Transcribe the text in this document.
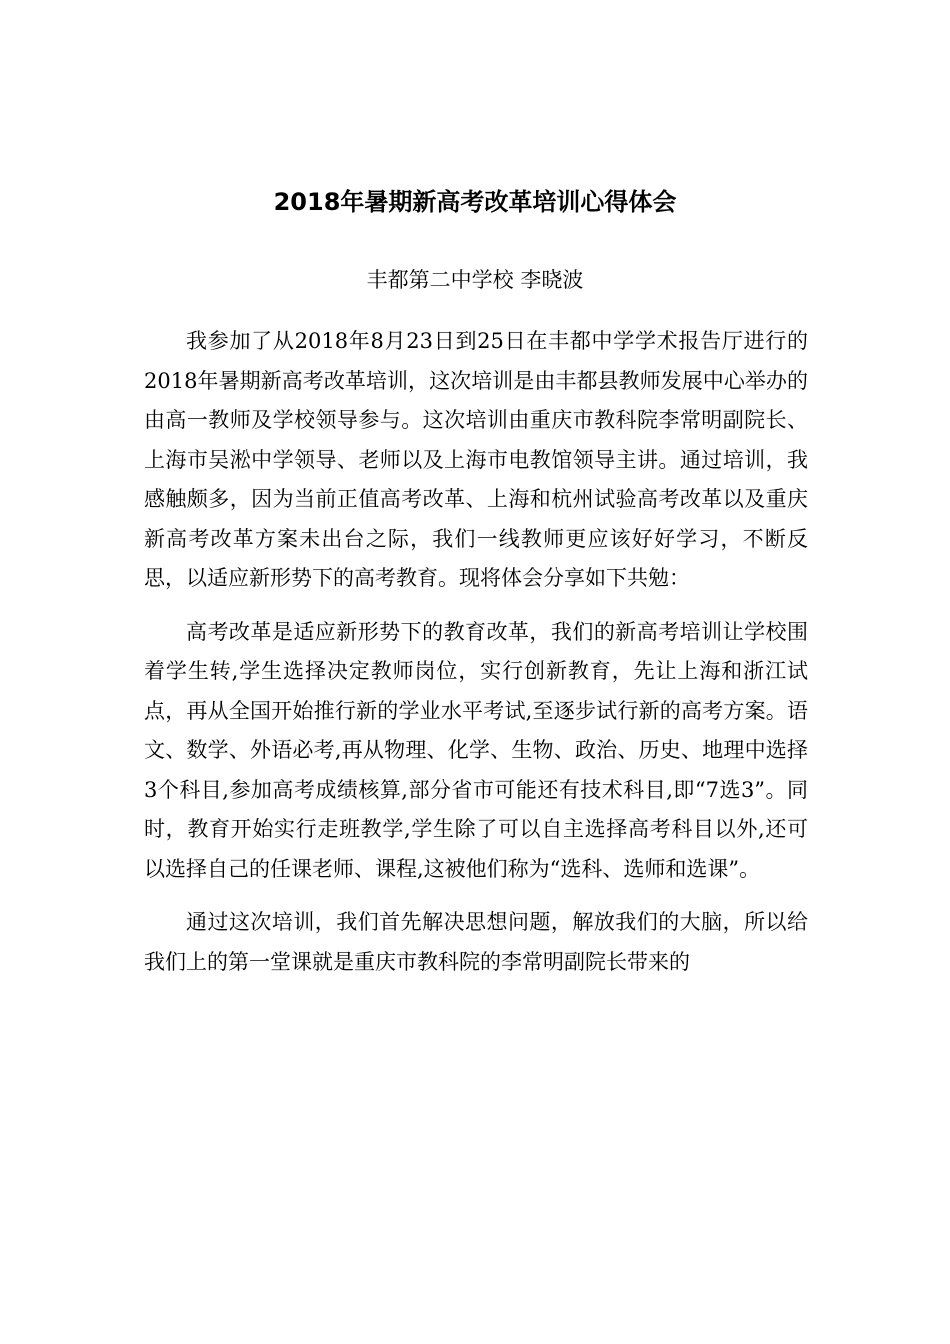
2018年暑期新高考改革培训心得体会
丰都第二中学校 李晓波

我参加了从2018年8月23日到25日在丰都中学学术报告厅进行的2018年暑期新高考改革培训，这次培训是由丰都县教师发展中心举办的由高一教师及学校领导参与。这次培训由重庆市教科院李常明副院长、上海市吴淞中学领导、老师以及上海市电教馆领导主讲。通过培训，我感触颇多，因为当前正值高考改革、上海和杭州试验高考改革以及重庆新高考改革方案未出台之际，我们一线教师更应该好好学习，不断反思，以适应新形势下的高考教育。现将体会分享如下共勉：

高考改革是适应新形势下的教育改革，我们的新高考培训让学校围着学生转,学生选择决定教师岗位，实行创新教育，先让上海和浙江试点，再从全国开始推行新的学业水平考试,至逐步试行新的高考方案。语文、数学、外语必考,再从物理、化学、生物、政治、历史、地理中选择3个科目,参加高考成绩核算,部分省市可能还有技术科目,即“7选3”。同时，教育开始实行走班教学,学生除了可以自主选择高考科目以外,还可以选择自己的任课老师、课程,这被他们称为“选科、选师和选课”。

通过这次培训，我们首先解决思想问题，解放我们的大脑，所以给我们上的第一堂课就是重庆市教科院的李常明副院长带来的
